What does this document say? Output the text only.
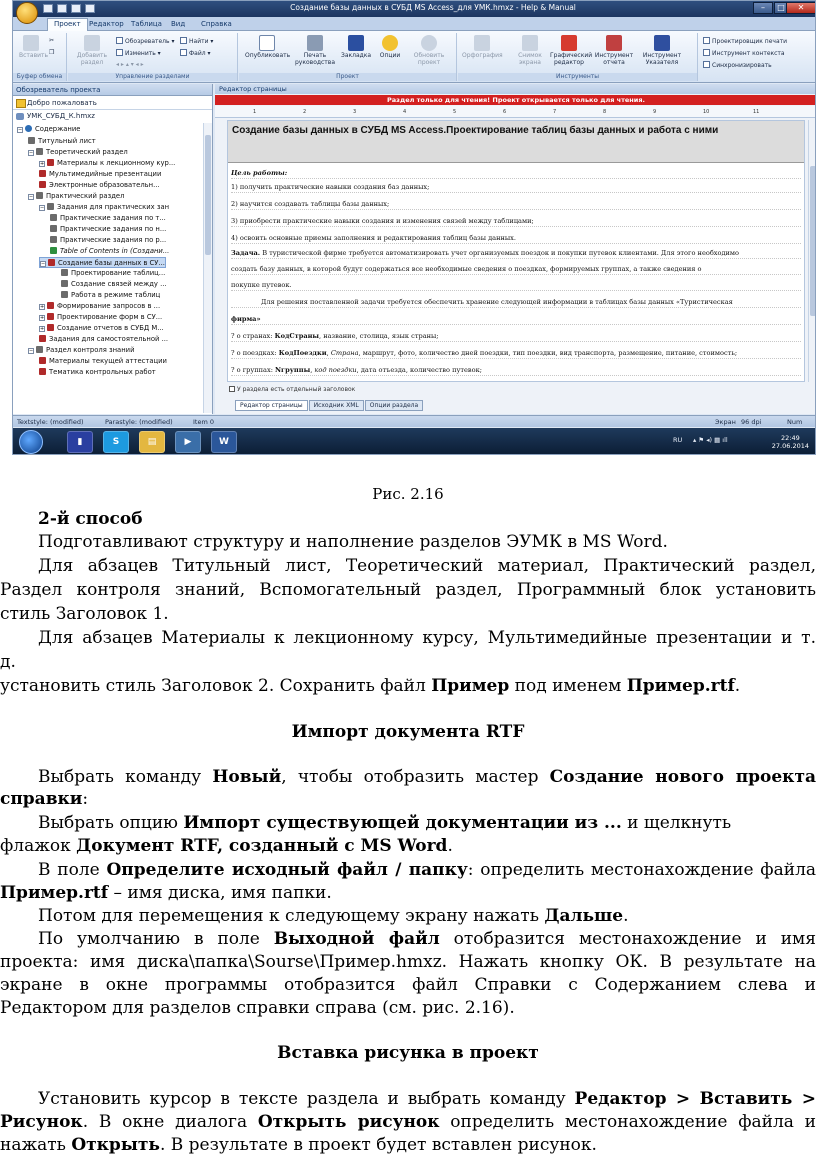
Создание базы данных в СУБД MS Access_для УМК.hmxz - Help & Manual	–	□	✕
Проект	Редактор	Таблица	Вид	Справка
Вставить
✂
❐
Буфер обмена
Добавить
раздел
Обозреватель ▾	Найти ▾
Изменить ▾	Файл ▾
◂ ▸ ▴ ▾ ◂ ▸
Управление разделами
Опубликовать	Печать
руководства
Закладка	Опции	Обновить
проект
Проект
Орфография	Снимок
экрана
Графический
редактор
Инструмент
отчета
Инструмент
Указателя
Инструменты
Проектировщик печати
Инструмент контекста
Синхронизировать
Обозреватель проекта
Добро пожаловать
УМК_СУБД_К.hmxz
− Содержание
Титульный лист
− Теоретический раздел
+ Материалы к лекционному кур...
Мультимедийные презентации
Электронные образовательн...
− Практический раздел
− Задания для практических зан
Практические задания по т...
Практические задания по н...
Практические задания по р...
Table of Contents in (Создани...
− Создание базы данных в СУ...
Проектирование таблиц...
Создание связей между ...
Работа в режиме таблиц
+ Формирование запросов в ...
+ Проектирование форм в СУ...
+ Создание отчетов в СУБД М...
Задания для самостоятельной ...
− Раздел контроля знаний
Материалы текущей аттестации
Тематика контрольных работ
Редактор страницы
Раздел только для чтения! Проект открывается только для чтения.
1	2	3	4	5	6	7	8	9	10	11
Создание базы данных в СУБД MS Access.Проектирование таблиц базы данных и работа с ними
Цель работы:
1) получить практические навыки создания баз данных;
2) научится создавать таблицы базы данных;
3) приобрести практические навыки создания и изменения связей между таблицами;
4) освоить основные приемы заполнения и редактирования таблиц базы данных.
Задача. В туристической фирме требуется автоматизировать учет организуемых поездок и покупки путевок клиентами. Для этого необходимо
создать базу данных, в которой будут содержаться все необходимые сведения о поездках, формируемых группах, а также сведения о
покупке путевок.
Для решения поставленной задачи требуется обеспечить хранение следующей информации в таблицах базы данных «Туристическая
фирма»
? о странах: КодСтраны, название, столица, язык страны;
? о поездках: КодПоездки, Страна, маршрут, фото, количество дней поездки, тип поездки, вид транспорта, размещение, питание, стоимость;
? о группах: Nгруппы, код поездки, дата отъезда, количество путевок;
У раздела есть отдельный заголовок
Редактор страницы Исходник XML Опции раздела
Textstyle: (modified)	Parastyle: (modified)	Item 0	Экран 96 dpi	Num
▮	S	▤	▶	W	RU ▴ ⚑ ◂) ▦ ıll	22:49
27.06.2014
Рис. 2.16
2-й способ
Подготавливают структуру и наполнение разделов ЭУМК в MS Word.
Для абзацев Титульный лист, Теоретический материал, Практический раздел,
Раздел контроля знаний, Вспомогательный раздел, Программный блок установить
стиль Заголовок 1.
Для абзацев Материалы к лекционному курсу, Мультимедийные презентации и т.
д.
установить стиль Заголовок 2. Сохранить файл Пример под именем Пример.rtf.
Импорт документа RTF
Выбрать команду Новый, чтобы отобразить мастер Создание нового проекта
справки:
Выбрать опцию Импорт существующей документации из ... и щелкнуть
флажок Документ RTF, созданный с MS Word.
В поле Определите исходный файл / папку: определить местонахождение файла
Пример.rtf – имя диска, имя папки.
Потом для перемещения к следующему экрану нажать Дальше.
По умолчанию в поле Выходной файл отобразится местонахождение и имя
проекта: имя диска\папка\Sourse\Пример.hmxz. Нажать кнопку ОК. В результате на
экране в окне программы отобразится файл Справки с Содержанием слева и
Редактором для разделов справки справа (см. рис. 2.16).
Вставка рисунка в проект
Установить курсор в тексте раздела и выбрать команду Редактор > Вставить >
Рисунок. В окне диалога Открыть рисунок определить местонахождение файла и
нажать Открыть. В результате в проект будет вставлен рисунок.
